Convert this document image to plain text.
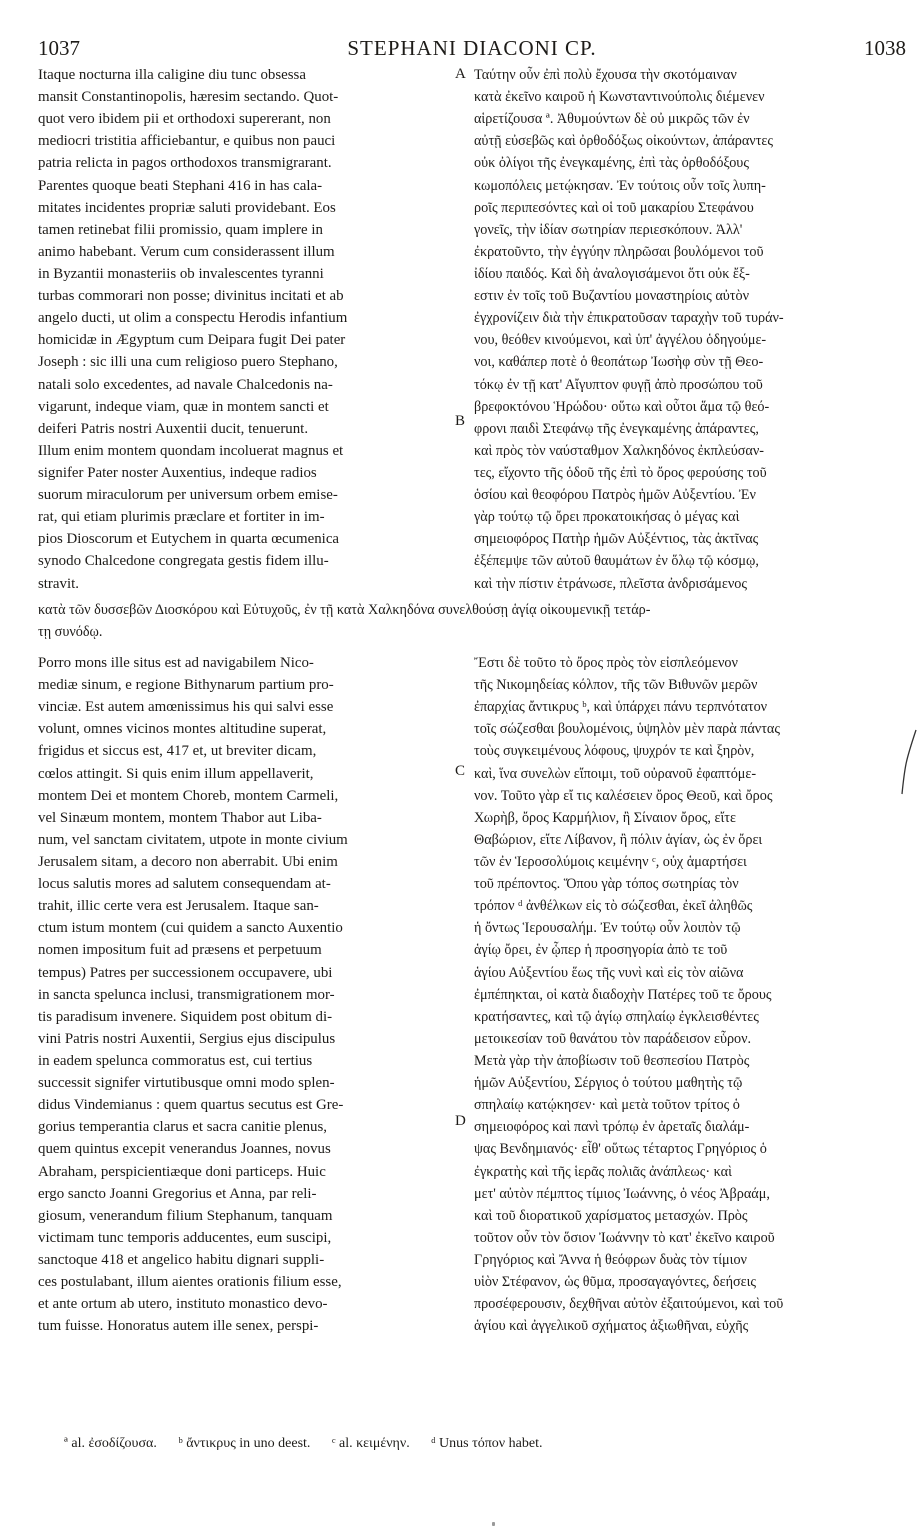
1037	STEPHANI DIACONI CP.	1038
Itaque nocturna illa caligine diu tunc obsessa
mansit Constantinopolis, hæresim sectando. Quot-
quot vero ibidem pii et orthodoxi supererant, non
mediocri tristitia afficiebantur, e quibus non pauci
patria relicta in pagos orthodoxos transmigrarant.
Parentes quoque beati Stephani 416 in has cala-
mitates incidentes propriæ saluti providebant. Eos
tamen retinebat filii promissio, quam implere in
animo habebant. Verum cum considerassent illum
in Byzantii monasteriis ob invalescentes tyranni
turbas commorari non posse; divinitus incitati et ab
angelo ducti, ut olim a conspectu Herodis infantium
homicidæ in Ægyptum cum Deipara fugit Dei pater
Joseph : sic illi una cum religioso puero Stephano,
natali solo excedentes, ad navale Chalcedonis na-
vigarunt, indeque viam, quæ in montem sancti et
deiferi Patris nostri Auxentii ducit, tenuerunt.
Illum enim montem quondam incoluerat magnus et
signifer Pater noster Auxentius, indeque radios
suorum miraculorum per universum orbem emise-
rat, qui etiam plurimis præclare et fortiter in im-
pios Dioscorum et Eutychem in quarta œcumenica
synodo Chalcedone congregata gestis fidem illu-
stravit.
Ταύτην οὖν ἐπὶ πολὺ ἔχουσα τὴν σκοτόμαιναν
κατὰ ἐκεῖνο καιροῦ ἡ Κωνσταντινούπολις διέμενεν
αἱρετίζουσα ª. Ἀθυμούντων δὲ οὐ μικρῶς τῶν ἐν
αὐτῇ εὐσεβῶς καὶ ὀρθοδόξως οἰκούντων, ἀπάραντες
οὐκ ὀλίγοι τῆς ἐνεγκαμένης, ἐπὶ τὰς ὀρθοδόξους
κωμοπόλεις μετῴκησαν. Ἐν τούτοις οὖν τοῖς λυπη-
ροῖς περιπεσόντες καὶ οἱ τοῦ μακαρίου Στεφάνου
γονεῖς, τὴν ἰδίαν σωτηρίαν περιεσκόπουν. Ἀλλ'
ἐκρατοῦντο, τὴν ἐγγύην πληρῶσαι βουλόμενοι τοῦ
ἰδίου παιδός. Καὶ δὴ ἀναλογισάμενοι ὅτι οὐκ ἔξ-
εστιν ἐν τοῖς τοῦ Βυζαντίου μοναστηρίοις αὐτὸν
ἐγχρονίζειν διὰ τὴν ἐπικρατοῦσαν ταραχὴν τοῦ τυράν-
νου, θεόθεν κινούμενοι, καὶ ὑπ' ἀγγέλου ὁδηγούμε-
νοι, καθάπερ ποτὲ ὁ θεοπάτωρ Ἰωσὴφ σὺν τῇ Θεο-
τόκῳ ἐν τῇ κατ' Αἴγυπτον φυγῇ ἀπὸ προσώπου τοῦ
βρεφοκτόνου Ἡρώδου· οὕτω καὶ οὗτοι ἅμα τῷ θεό-
φρονι παιδὶ Στεφάνῳ τῆς ἐνεγκαμένης ἀπάραντες,
καὶ πρὸς τὸν ναύσταθμον Χαλκηδόνος ἐκπλεύσαν-
τες, εἴχοντο τῆς ὁδοῦ τῆς ἐπὶ τὸ ὄρος φερούσης τοῦ
ὁσίου καὶ θεοφόρου Πατρὸς ἡμῶν Αὐξεντίου. Ἐν
γὰρ τούτῳ τῷ ὄρει προκατοικήσας ὁ μέγας καὶ
σημειοφόρος Πατὴρ ἡμῶν Αὐξέντιος, τὰς ἀκτῖνας
ἐξέπεμψε τῶν αὐτοῦ θαυμάτων ἐν ὅλῳ τῷ κόσμῳ,
καὶ τὴν πίστιν ἐτράνωσε, πλεῖστα ἀνδρισάμενος
κατὰ τῶν δυσσεβῶν Διοσκόρου καὶ Εὐτυχοῦς, ἐν τῇ κατὰ Χαλκηδόνα συνελθούσῃ ἁγίᾳ οἰκουμενικῇ τετάρ-
τῃ συνόδῳ.
Porro mons ille situs est ad navigabilem Nico-
mediæ sinum, e regione Bithynarum partium pro-
vinciæ. Est autem amœnissimus his qui salvi esse
volunt, omnes vicinos montes altitudine superat,
frigidus et siccus est, 417 et, ut breviter dicam,
cœlos attingit. Si quis enim illum appellaverit,
montem Dei et montem Choreb, montem Carmeli,
vel Sinæum montem, montem Thabor aut Liba-
num, vel sanctam civitatem, utpote in monte civium
Jerusalem sitam, a decoro non aberrabit. Ubi enim
locus salutis mores ad salutem consequendam at-
trahit, illic certe vera est Jerusalem. Itaque san-
ctum istum montem (cui quidem a sancto Auxentio
nomen impositum fuit ad præsens et perpetuum
tempus) Patres per successionem occupavere, ubi
in sancta spelunca inclusi, transmigrationem mor-
tis paradisum invenere. Siquidem post obitum di-
vini Patris nostri Auxentii, Sergius ejus discipulus
in eadem spelunca commoratus est, cui tertius
successit signifer virtutibusque omni modo splen-
didus Vindemianus : quem quartus secutus est Gre-
gorius temperantia clarus et sacra canitie plenus,
quem quintus excepit venerandus Joannes, novus
Abraham, perspicientiæque doni particeps. Huic
ergo sancto Joanni Gregorius et Anna, par reli-
giosum, venerandum filium Stephanum, tanquam
victimam tunc temporis adducentes, eum suscipi,
sanctoque 418 et angelico habitu dignari suppli-
ces postulabant, illum aientes orationis filium esse,
et ante ortum ab utero, instituto monastico devo-
tum fuisse. Honoratus autem ille senex, perspi-
Ἔστι δὲ τοῦτο τὸ ὄρος πρὸς τὸν εἰσπλεόμενον
τῆς Νικομηδείας κόλπον, τῆς τῶν Βιθυνῶν μερῶν
ἐπαρχίας ἄντικρυς ᵇ, καὶ ὑπάρχει πάνυ τερπνότατον
τοῖς σώζεσθαι βουλομένοις, ὑψηλὸν μὲν παρὰ πάντας
τοὺς συγκειμένους λόφους, ψυχρόν τε καὶ ξηρὸν,
καὶ, ἵνα συνελὼν εἴποιμι, τοῦ οὐρανοῦ ἐφαπτόμε-
νον. Τοῦτο γὰρ εἴ τις καλέσειεν ὄρος Θεοῦ, καὶ ὄρος
Χωρὴβ, ὄρος Καρμήλιον, ἢ Σίναιον ὄρος, εἴτε
Θαβώριον, εἴτε Λίβανον, ἢ πόλιν ἁγίαν, ὡς ἐν ὄρει
τῶν ἐν Ἱεροσολύμοις κειμένην ᶜ, οὐχ ἁμαρτήσει
τοῦ πρέποντος. Ὅπου γὰρ τόπος σωτηρίας τὸν
τρόπον ᵈ ἀνθέλκων εἰς τὸ σώζεσθαι, ἐκεῖ ἀληθῶς
ἡ ὄντως Ἱερουσαλήμ. Ἐν τούτῳ οὖν λοιπὸν τῷ
ἁγίῳ ὄρει, ἐν ᾧπερ ἡ προσηγορία ἀπὸ τε τοῦ
ἁγίου Αὐξεντίου ἕως τῆς νυνὶ καὶ εἰς τὸν αἰῶνα
ἐμπέπηκται, οἱ κατὰ διαδοχὴν Πατέρες τοῦ τε ὄρους
κρατήσαντες, καὶ τῷ ἁγίῳ σπηλαίῳ ἐγκλεισθέντες
μετοικεσίαν τοῦ θανάτου τὸν παράδεισον εὗρον.
Μετὰ γὰρ τὴν ἀποβίωσιν τοῦ θεσπεσίου Πατρὸς
ἡμῶν Αὐξεντίου, Σέργιος ὁ τούτου μαθητὴς τῷ
σπηλαίῳ κατῴκησεν· καὶ μετὰ τοῦτον τρίτος ὁ
σημειοφόρος καὶ πανὶ τρόπῳ ἐν ἀρεταῖς διαλάμ-
ψας Βενδημιανός· εἶθ' οὕτως τέταρτος Γρηγόριος ὁ
ἐγκρατὴς καὶ τῆς ἱερᾶς πολιᾶς ἀνάπλεως· καὶ
μετ' αὐτὸν πέμπτος τίμιος Ἰωάννης, ὁ νέος Ἀβραάμ,
καὶ τοῦ διορατικοῦ χαρίσματος μετασχών. Πρὸς
τοῦτον οὖν τὸν ὅσιον Ἰωάννην τὸ κατ' ἐκεῖνο καιροῦ
Γρηγόριος καὶ Ἄννα ἡ θεόφρων δυὰς τὸν τίμιον
υἱὸν Στέφανον, ὡς θῦμα, προσαγαγόντες, δεήσεις
προσέφερουσιν, δεχθῆναι αὐτὸν ἐξαιτούμενοι, καὶ τοῦ
ἁγίου καὶ ἀγγελικοῦ σχήματος ἀξιωθῆναι, εὐχῆς
A
B
C
D
ª al. ἐσοδίζουσα. ᵇ ἄντικρυς in uno deest. ᶜ al. κειμένην. ᵈ Unus τόπον habet.
